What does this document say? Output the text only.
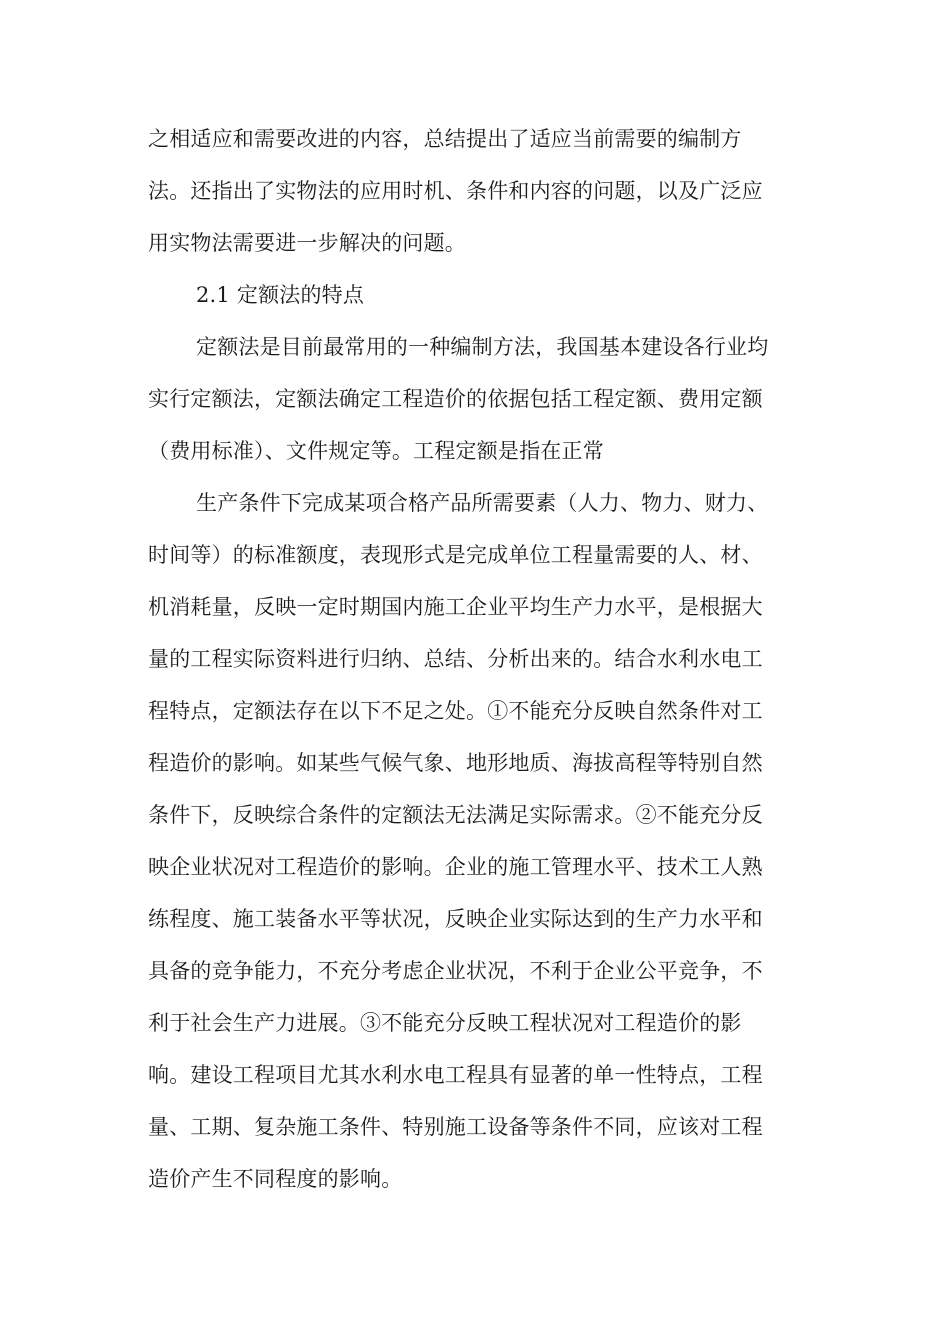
之相适应和需要改进的内容，总结提出了适应当前需要的编制方
法。还指出了实物法的应用时机、条件和内容的问题，以及广泛应
用实物法需要进一步解决的问题。
2.1 定额法的特点
定额法是目前最常用的一种编制方法，我国基本建设各行业均
实行定额法，定额法确定工程造价的依据包括工程定额、费用定额
（费用标准）、文件规定等。工程定额是指在正常
生产条件下完成某项合格产品所需要素（人力、物力、财力、
时间等）的标准额度，表现形式是完成单位工程量需要的人、材、
机消耗量，反映一定时期国内施工企业平均生产力水平，是根据大
量的工程实际资料进行归纳、总结、分析出来的。结合水利水电工
程特点，定额法存在以下不足之处。①不能充分反映自然条件对工
程造价的影响。如某些气候气象、地形地质、海拔高程等特别自然
条件下，反映综合条件的定额法无法满足实际需求。②不能充分反
映企业状况对工程造价的影响。企业的施工管理水平、技术工人熟
练程度、施工装备水平等状况，反映企业实际达到的生产力水平和
具备的竞争能力，不充分考虑企业状况，不利于企业公平竞争，不
利于社会生产力进展。③不能充分反映工程状况对工程造价的影
响。建设工程项目尤其水利水电工程具有显著的单一性特点，工程
量、工期、复杂施工条件、特别施工设备等条件不同，应该对工程
造价产生不同程度的影响。
